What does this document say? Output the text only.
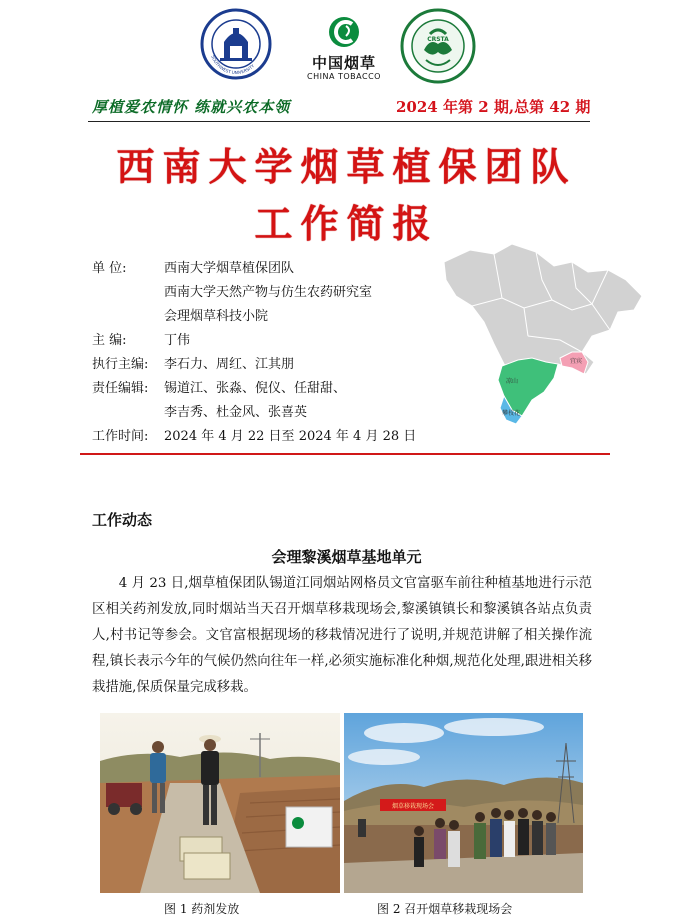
SOUTHWEST UNIVERSITY	中国烟草
CHINA TOBACCO
CRSTA
厚植爱农情怀 练就兴农本领	2024 年第 2 期,总第 42 期
西南大学烟草植保团队
工作简报
单 位:	西南大学烟草植保团队
西南大学天然产物与仿生农药研究室
会理烟草科技小院
主 编:	丁伟
执行主编: 李石力、周红、江其朋
责任编辑: 锡道江、张淼、倪仪、任甜甜、
李吉秀、杜金风、张喜英
工作时间: 2024 年 4 月 22 日至 2024 年 4 月 28 日
宜宾
凉山
攀枝花
工作动态
会理黎溪烟草基地单元
4 月 23 日,烟草植保团队锡道江同烟站网格员文官富驱车前往种植基地进行示范区相关药剂发放,同时烟站当天召开烟草移栽现场会,黎溪镇镇长和黎溪镇各站点负责人,村书记等参会。文官富根据现场的移栽情况进行了说明,并规范讲解了相关操作流程,镇长表示今年的气候仍然向往年一样,必须实施标准化种烟,规范化处理,跟进相关移栽措施,保质保量完成移栽。
烟草移栽现场会
图 1 药剂发放	图 2 召开烟草移栽现场会
